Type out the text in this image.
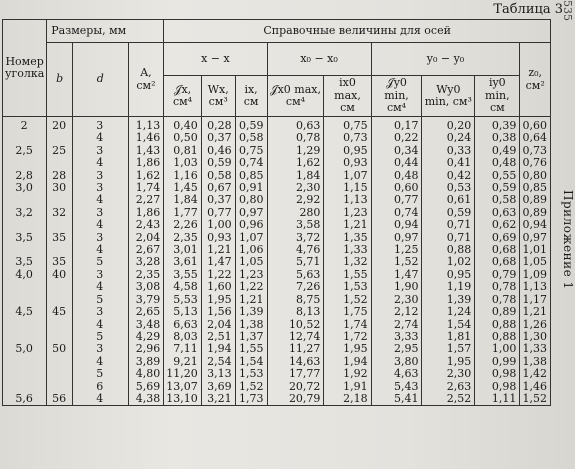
535
Таблица 3
Приложение 1
Номер уголка	Размеры, мм			Справочные величины для осей								
	b	d	A, см²	x − x			x₀ − x₀		y₀ − y₀			z₀, см²
				𝒥x, см⁴	Wx, см³	ix, см	𝒥x0 max, см⁴	ix0 max, см	𝒥y0 min, см⁴	Wy0 min, см³	iy0 min, см	
2	20	3	1,13	0,40	0,28	0,59	0,63	0,75	0,17	0,20	0,39	0,60
		4	1,46	0,50	0,37	0,58	0,78	0,73	0,22	0,24	0,38	0,64
2,5	25	3	1,43	0,81	0,46	0,75	1,29	0,95	0,34	0,33	0,49	0,73
		4	1,86	1,03	0,59	0,74	1,62	0,93	0,44	0,41	0,48	0,76
2,8	28	3	1,62	1,16	0,58	0,85	1,84	1,07	0,48	0,42	0,55	0,80
3,0	30	3	1,74	1,45	0,67	0,91	2,30	1,15	0,60	0,53	0,59	0,85
		4	2,27	1,84	0,37	0,80	2,92	1,13	0,77	0,61	0,58	0,89
3,2	32	3	1,86	1,77	0,77	0,97	280	1,23	0,74	0,59	0,63	0,89
		4	2,43	2,26	1,00	0,96	3,58	1,21	0,94	0,71	0,62	0,94
3,5	35	3	2,04	2,35	0,93	1,07	3,72	1,35	0,97	0,71	0,69	0,97
		4	2,67	3,01	1,21	1,06	4,76	1,33	1,25	0,88	0,68	1,01
3,5	35	5	3,28	3,61	1,47	1,05	5,71	1,32	1,52	1,02	0,68	1,05
4,0	40	3	2,35	3,55	1,22	1,23	5,63	1,55	1,47	0,95	0,79	1,09
		4	3,08	4,58	1,60	1,22	7,26	1,53	1,90	1,19	0,78	1,13
		5	3,79	5,53	1,95	1,21	8,75	1,52	2,30	1,39	0,78	1,17
4,5	45	3	2,65	5,13	1,56	1,39	8,13	1,75	2,12	1,24	0,89	1,21
		4	3,48	6,63	2,04	1,38	10,52	1,74	2,74	1,54	0,88	1,26
		5	4,29	8,03	2,51	1,37	12,74	1,72	3,33	1,81	0,88	1,30
5,0	50	3	2,96	7,11	1,94	1,55	11,27	1,95	2,95	1,57	1,00	1,33
		4	3,89	9,21	2,54	1,54	14,63	1,94	3,80	1,95	0,99	1,38
		5	4,80	11,20	3,13	1,53	17,77	1,92	4,63	2,30	0,98	1,42
		6	5,69	13,07	3,69	1,52	20,72	1,91	5,43	2,63	0,98	1,46
5,6	56	4	4,38	13,10	3,21	1,73	20,79	2,18	5,41	2,52	1,11	1,52
